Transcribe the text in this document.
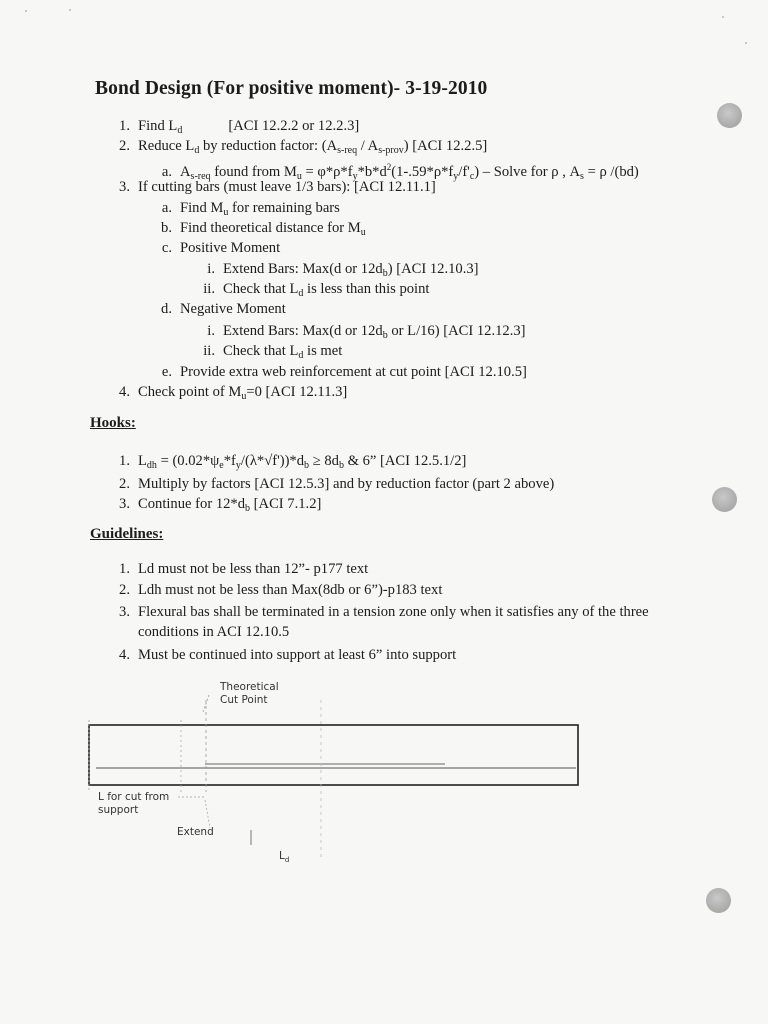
Bond Design (For positive moment)- 3-19-2010
1. Find $L_d$	[ACI 12.2.2 or 12.2.3]
2. Reduce $L_d$ by reduction factor: $(A_{s-req} / A_{s-prov})$ [ACI 12.2.5]
a. $A_{s-req}$ found from $M_u = \varphi*\rho*f_y*b*d^2(1-.59*\rho*f_y/f'_c)$ – Solve for ρ , $A_s = \rho$ /(bd)
3. If cutting bars (must leave 1/3 bars): [ACI 12.11.1]
a. Find $M_u$ for remaining bars
b. Find theoretical distance for $M_u$
c. Positive Moment
i. Extend Bars: Max(d or $12d_b$) [ACI 12.10.3]
ii. Check that $L_d$ is less than this point
d. Negative Moment
i. Extend Bars: Max(d or $12d_b$ or L/16) [ACI 12.12.3]
ii. Check that $L_d$ is met
e. Provide extra web reinforcement at cut point [ACI 12.10.5]
4. Check point of $M_u=0$ [ACI 12.11.3]
Hooks:
1. $L_{dh} = (0.02*\psi_e*f_y/(\lambda*√f'))*d_b \ge 8d_b$ & 6” [ACI 12.5.1/2]
2. Multiply by factors [ACI 12.5.3] and by reduction factor (part 2 above)
3. Continue for $12*d_b$ [ACI 7.1.2]
Guidelines:
1. Ld must not be less than 12”- p177 text
2. Ldh must not be less than Max(8db or 6”)-p183 text
3. Flexural bas shall be terminated in a tension zone only when it satisfies any of the three
conditions in ACI 12.10.5
4. Must be continued into support at least 6” into support
Theoretical
Cut Point
L for cut from
support
Extend
$L_d$
